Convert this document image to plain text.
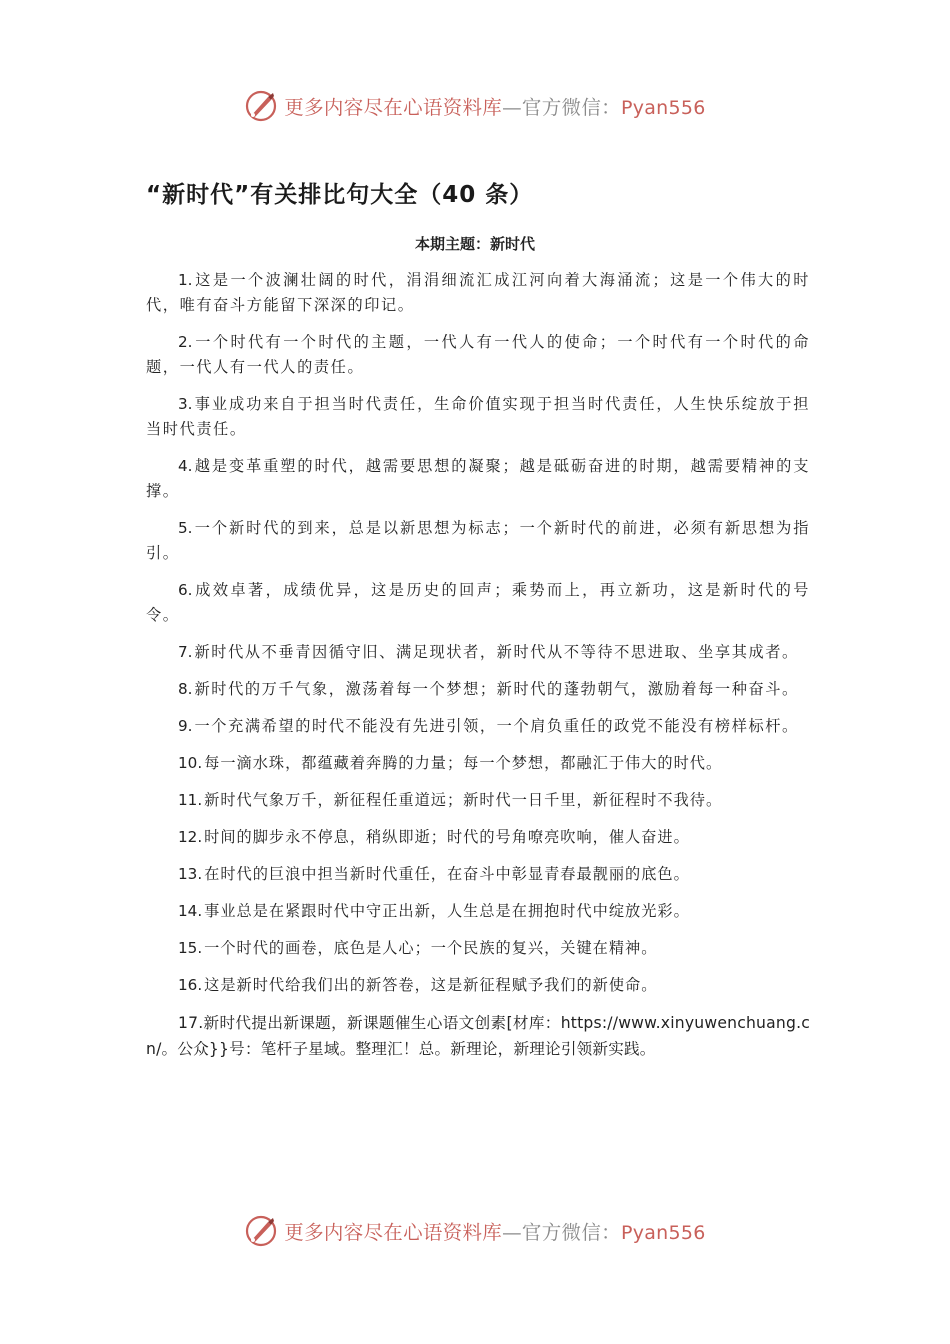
更多内容尽在心语资料库—官方微信：Pyan556
“新时代”有关排比句大全（40 条）
本期主题：新时代

1. 这是一个波澜壮阔的时代，涓涓细流汇成江河向着大海涌流；这是一个伟大的时代，唯有奋斗方能留下深深的印记。

2. 一个时代有一个时代的主题，一代人有一代人的使命；一个时代有一个时代的命题，一代人有一代人的责任。

3. 事业成功来自于担当时代责任，生命价值实现于担当时代责任，人生快乐绽放于担当时代责任。

4. 越是变革重塑的时代，越需要思想的凝聚；越是砥砺奋进的时期，越需要精神的支撑。

5. 一个新时代的到来，总是以新思想为标志；一个新时代的前进，必须有新思想为指引。

6. 成效卓著，成绩优异，这是历史的回声；乘势而上，再立新功，这是新时代的号令。

7. 新时代从不垂青因循守旧、满足现状者，新时代从不等待不思进取、坐享其成者。

8. 新时代的万千气象，激荡着每一个梦想；新时代的蓬勃朝气，激励着每一种奋斗。

9. 一个充满希望的时代不能没有先进引领，一个肩负重任的政党不能没有榜样标杆。

10. 每一滴水珠，都蕴藏着奔腾的力量；每一个梦想，都融汇于伟大的时代。

11. 新时代气象万千，新征程任重道远；新时代一日千里，新征程时不我待。

12. 时间的脚步永不停息，稍纵即逝；时代的号角嘹亮吹响，催人奋进。

13. 在时代的巨浪中担当新时代重任，在奋斗中彰显青春最靓丽的底色。

14. 事业总是在紧跟时代中守正出新，人生总是在拥抱时代中绽放光彩。

15. 一个时代的画卷，底色是人心；一个民族的复兴，关键在精神。

16. 这是新时代给我们出的新答卷，这是新征程赋予我们的新使命。

17.新时代提出新课题，新课题催生心语文创素[材库：https://www.xinyuwenchuang.cn/。公众}}号：笔杆子星域。整理汇！总。新理论，新理论引领新实践。

更多内容尽在心语资料库—官方微信：Pyan556
